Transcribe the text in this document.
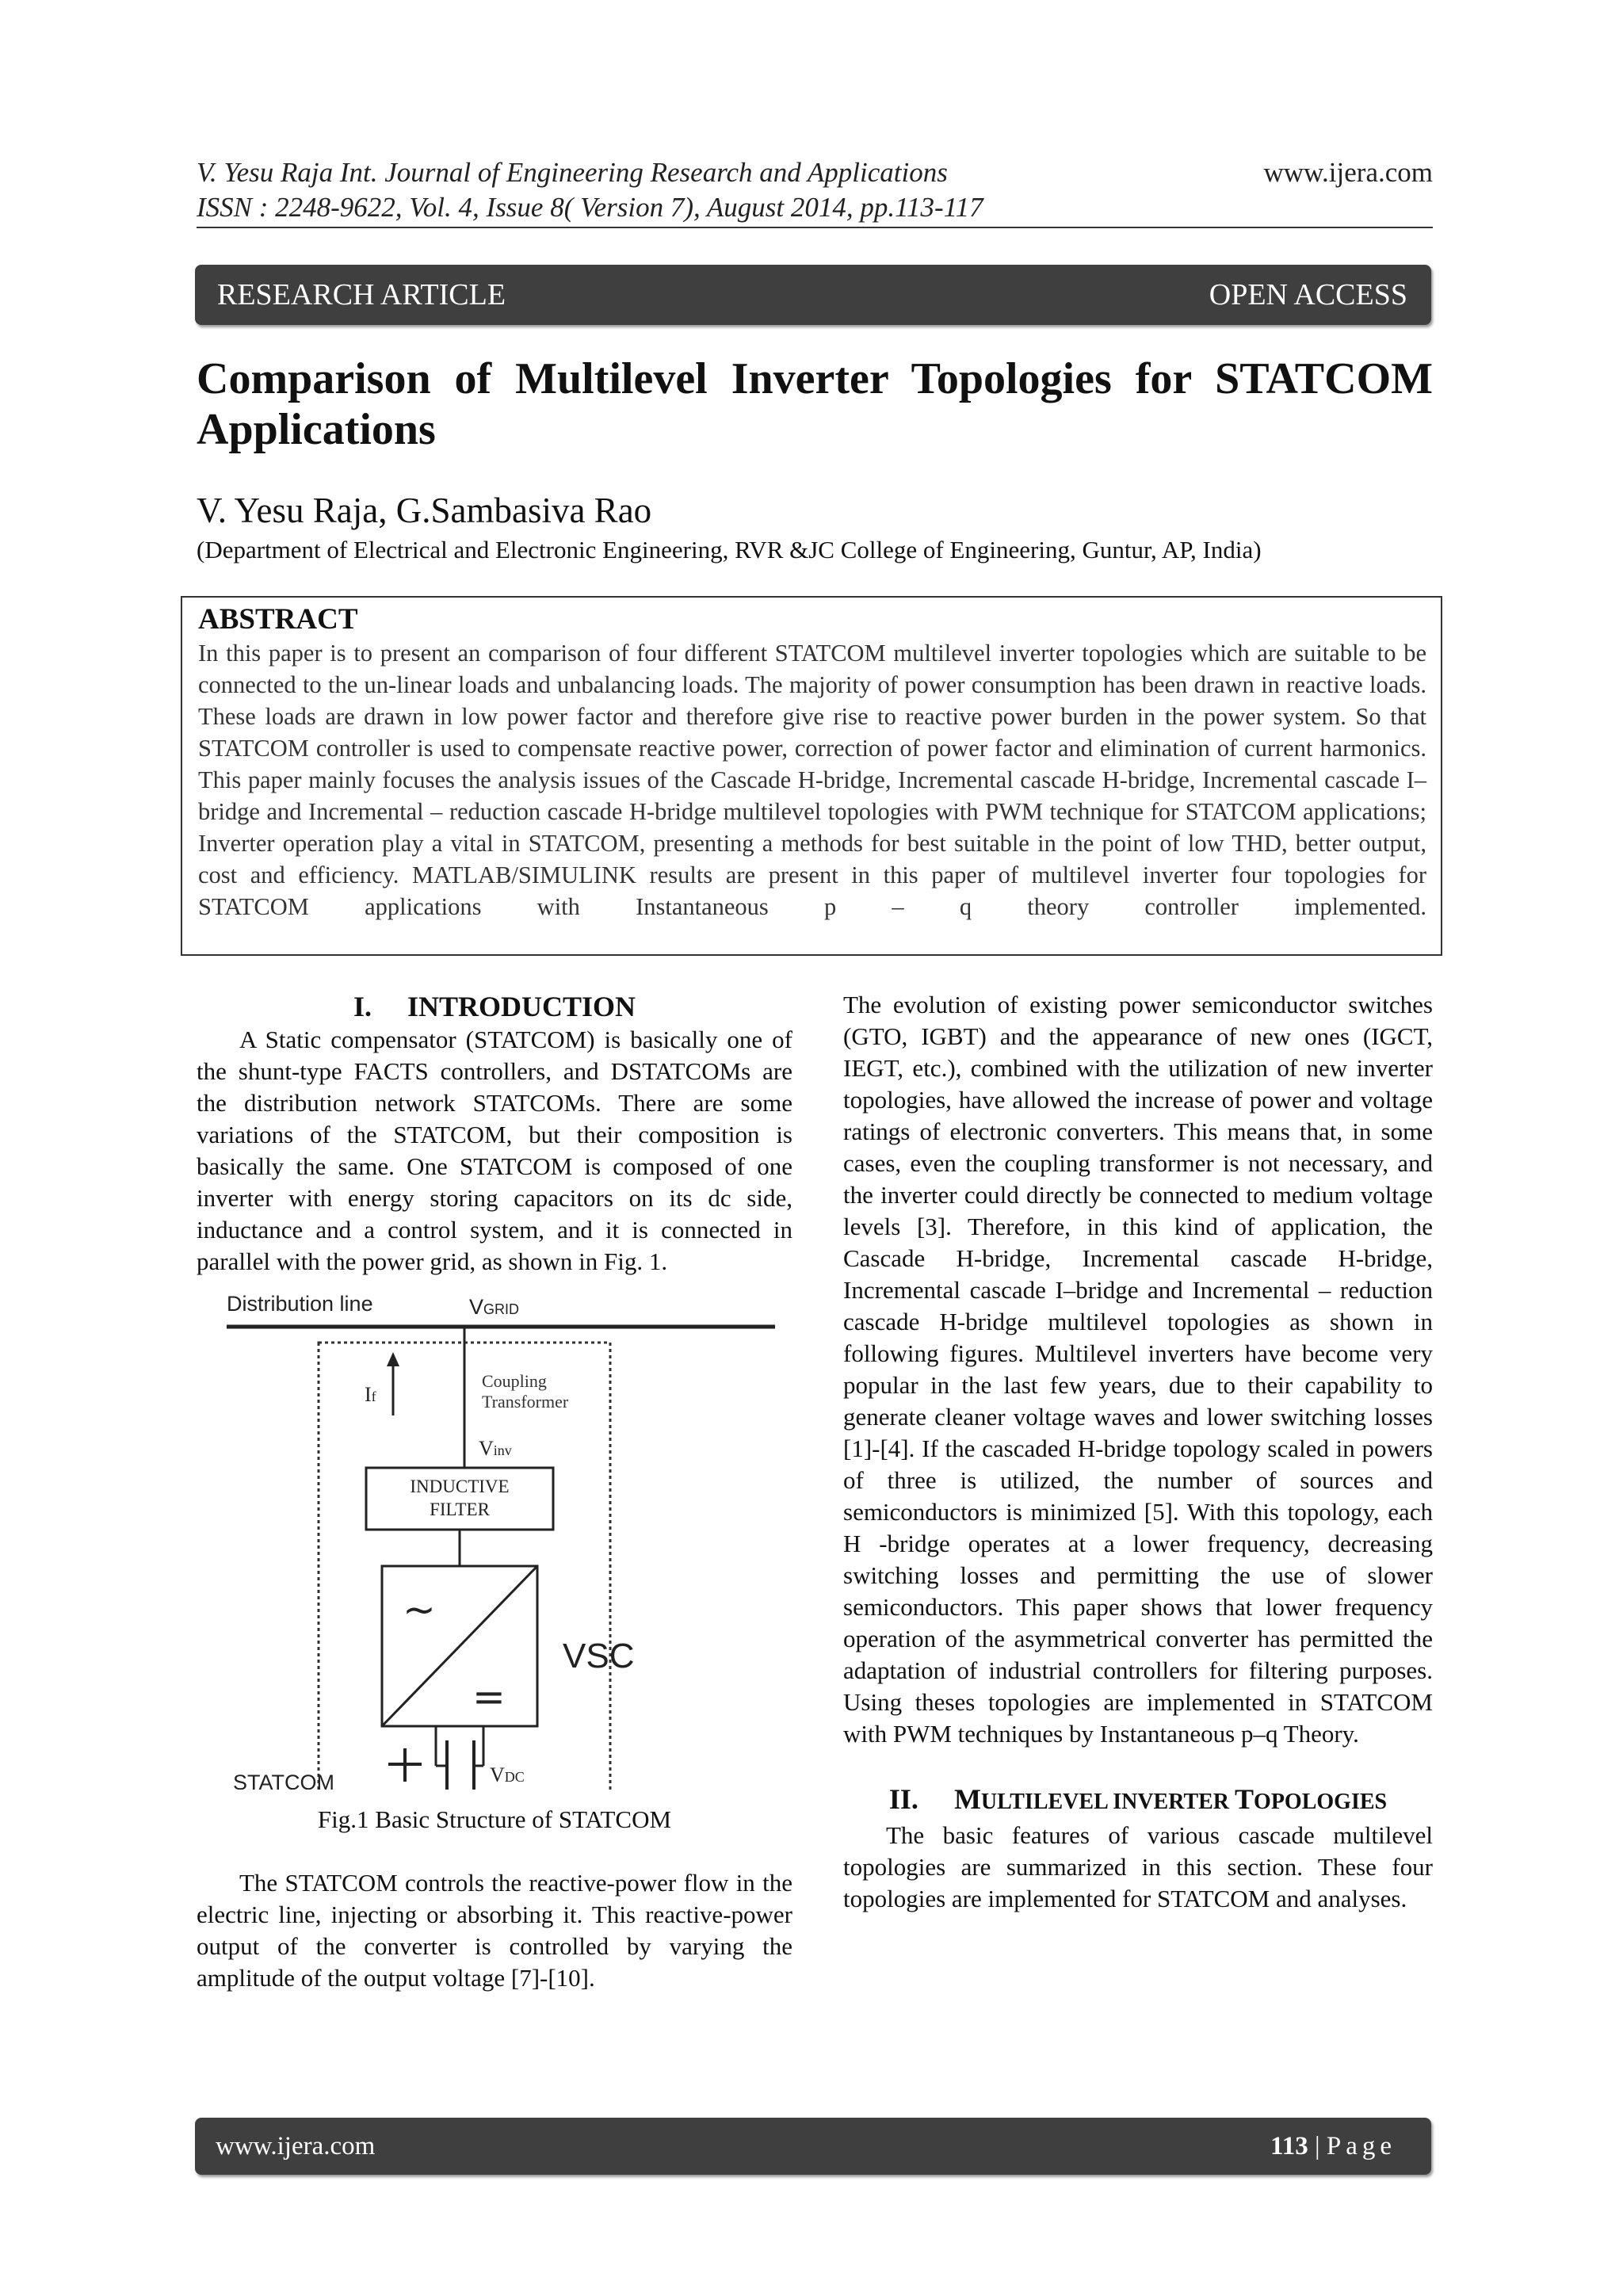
V. Yesu Raja Int. Journal of Engineering Research and Applications
ISSN : 2248-9622, Vol. 4, Issue 8( Version 7), August 2014, pp.113-117
www.ijera.com
RESEARCH ARTICLE	OPEN ACCESS
Comparison of Multilevel Inverter Topologies for STATCOM Applications
V. Yesu Raja, G.Sambasiva Rao
(Department of Electrical and Electronic Engineering, RVR &JC College of Engineering, Guntur, AP, India)
ABSTRACT
In this paper is to present an comparison of four different STATCOM multilevel inverter topologies which are suitable to be connected to the un-linear loads and unbalancing loads. The majority of power consumption has been drawn in reactive loads. These loads are drawn in low power factor and therefore give rise to reactive power burden in the power system. So that STATCOM controller is used to compensate reactive power, correction of power factor and elimination of current harmonics. This paper mainly focuses the analysis issues of the Cascade H-bridge, Incremental cascade H-bridge, Incremental cascade I–bridge and Incremental – reduction cascade H-bridge multilevel topologies with PWM technique for STATCOM applications; Inverter operation play a vital in STATCOM, presenting a methods for best suitable in the point of low THD, better output, cost and efficiency. MATLAB/SIMULINK results are present in this paper of multilevel inverter four topologies for STATCOM applications with Instantaneous p – q theory controller implemented.
I. INTRODUCTION

A Static compensator (STATCOM) is basically one of the shunt-type FACTS controllers, and DSTATCOMs are the distribution network STATCOMs. There are some variations of the STATCOM, but their composition is basically the same. One STATCOM is composed of one inverter with energy storing capacitors on its dc side, inductance and a control system, and it is connected in parallel with the power grid, as shown in Fig. 1.

Distribution line	VGRID
If
Coupling
Transformer
Vinv
INDUCTIVE
FILTER
~
=
VSC
VDC
STATCOM
Fig.1 Basic Structure of STATCOM

The STATCOM controls the reactive-power flow in the electric line, injecting or absorbing it. This reactive-power output of the converter is controlled by varying the amplitude of the output voltage [7]-[10].

The evolution of existing power semiconductor switches (GTO, IGBT) and the appearance of new ones (IGCT, IEGT, etc.), combined with the utilization of new inverter topologies, have allowed the increase of power and voltage ratings of electronic converters. This means that, in some cases, even the coupling transformer is not necessary, and the inverter could directly be connected to medium voltage levels [3]. Therefore, in this kind of application, the Cascade H-bridge, Incremental cascade H-bridge, Incremental cascade I–bridge and Incremental – reduction cascade H-bridge multilevel topologies as shown in following figures. Multilevel inverters have become very popular in the last few years, due to their capability to generate cleaner voltage waves and lower switching losses [1]-[4]. If the cascaded H-bridge topology scaled in powers of three is utilized, the number of sources and semiconductors is minimized [5]. With this topology, each H -bridge operates at a lower frequency, decreasing switching losses and permitting the use of slower semiconductors. This paper shows that lower frequency operation of the asymmetrical converter has permitted the adaptation of industrial controllers for filtering purposes. Using theses topologies are implemented in STATCOM with PWM techniques by Instantaneous p–q Theory.

II. MULTILEVEL INVERTER TOPOLOGIES

The basic features of various cascade multilevel topologies are summarized in this section. These four topologies are implemented for STATCOM and analyses.

www.ijera.com	113 | Page
